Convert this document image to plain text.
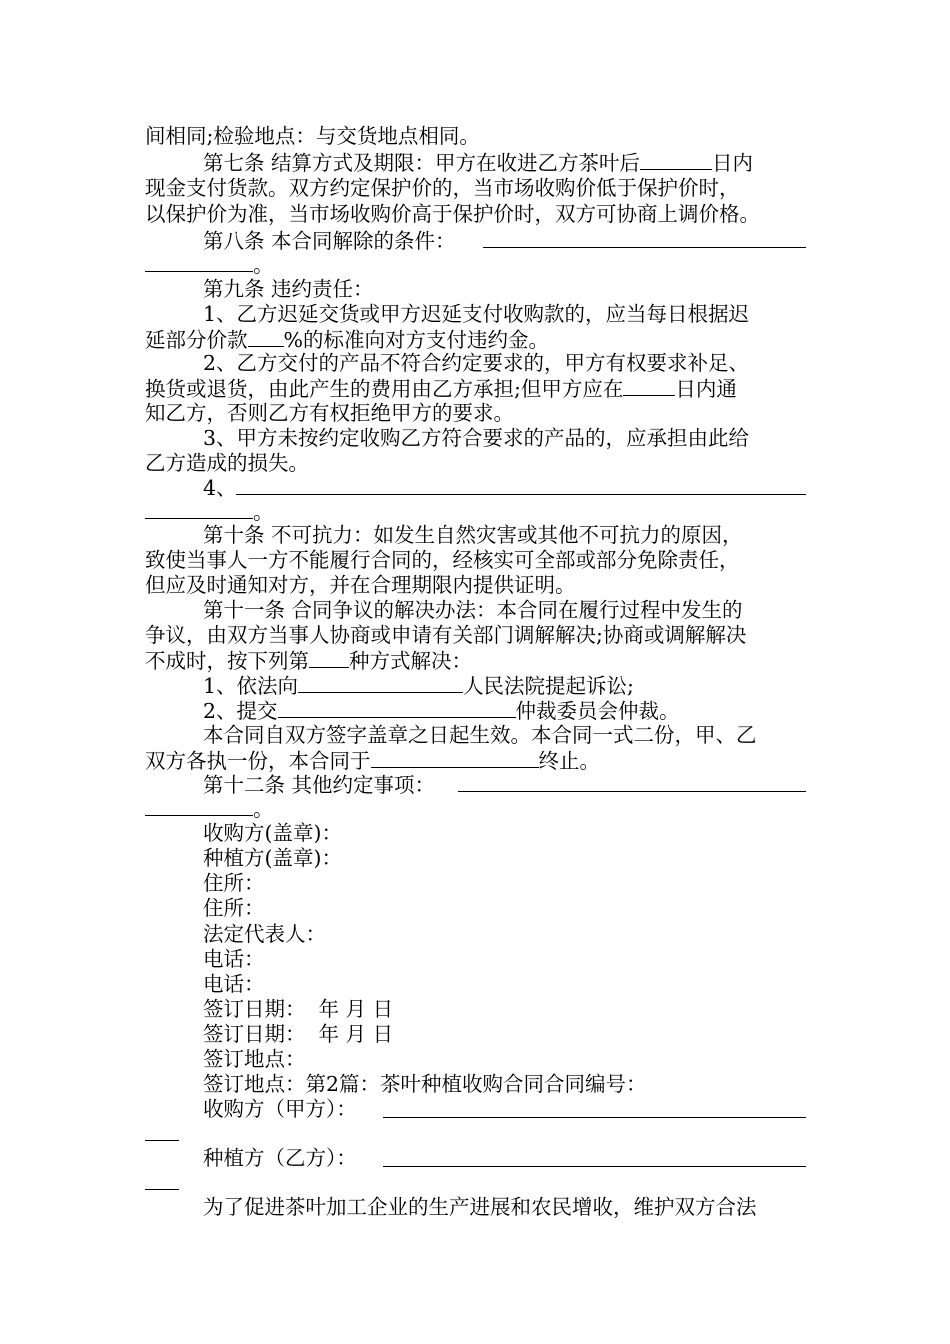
间相同;检验地点：与交货地点相同。
第七条 结算方式及期限：甲方在收进乙方茶叶后	日内
现金支付货款。双方约定保护价的，当市场收购价低于保护价时，
以保护价为准，当市场收购价高于保护价时，双方可协商上调价格。
第八条 本合同解除的条件：
。
第九条 违约责任：
1、乙方迟延交货或甲方迟延支付收购款的，应当每日根据迟
延部分价款 %的标准向对方支付违约金。
2、乙方交付的产品不符合约定要求的，甲方有权要求补足、
换货或退货，由此产生的费用由乙方承担;但甲方应在	日内通
知乙方，否则乙方有权拒绝甲方的要求。
3、甲方未按约定收购乙方符合要求的产品的，应承担由此给
乙方造成的损失。
4、
。
第十条 不可抗力：如发生自然灾害或其他不可抗力的原因，
致使当事人一方不能履行合同的，经核实可全部或部分免除责任，
但应及时通知对方，并在合理期限内提供证明。
第十一条 合同争议的解决办法：本合同在履行过程中发生的
争议，由双方当事人协商或申请有关部门调解解决;协商或调解解决
不成时，按下列第 种方式解决：
1、依法向	人民法院提起诉讼;
2、提交	仲裁委员会仲裁。
本合同自双方签字盖章之日起生效。本合同一式二份，甲、乙
双方各执一份，本合同于	终止。
第十二条 其他约定事项：
。
收购方(盖章)：
种植方(盖章)：
住所：
住所：
法定代表人：
电话：
电话：
签订日期：  年 月 日
签订日期：  年 月 日
签订地点：
签订地点：第2篇：茶叶种植收购合同合同编号：
收购方（甲方）：
种植方（乙方）：
为了促进茶叶加工企业的生产进展和农民增收，维护双方合法
